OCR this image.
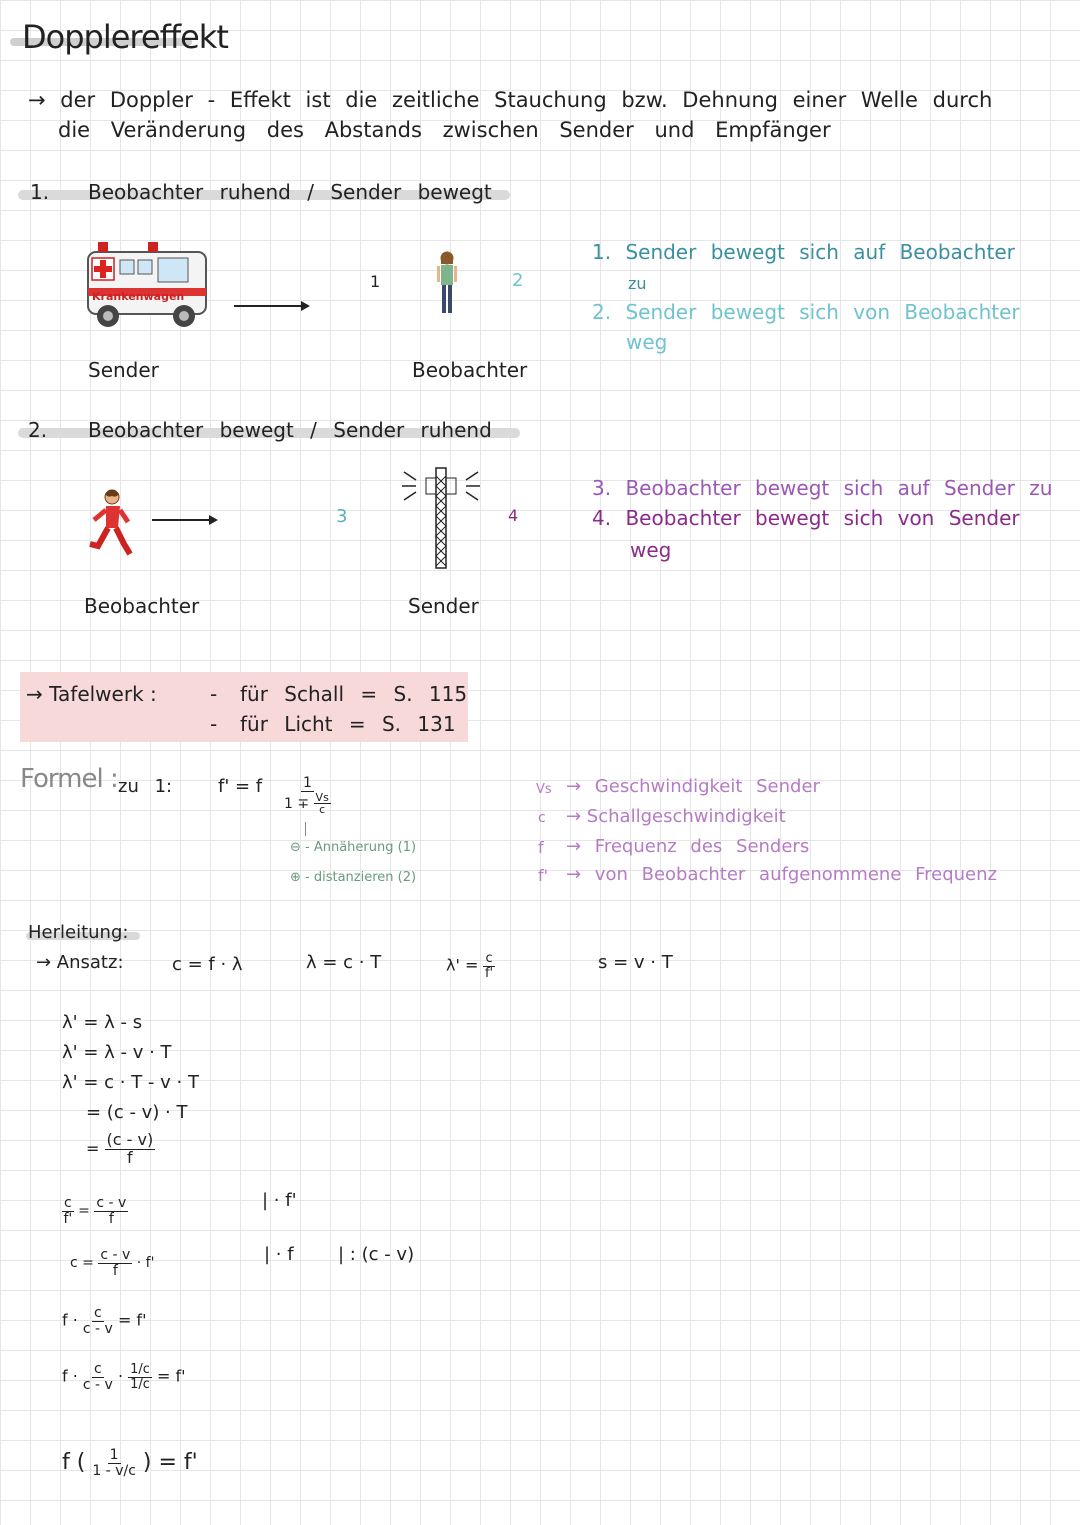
Dopplereffekt
→ der Doppler - Effekt ist die zeitliche Stauchung bzw. Dehnung einer Welle durch
die Veränderung des Abstands zwischen Sender und Empfänger
1. Beobachter ruhend / Sender bewegt
Krankenwagen
1	2
Sender	Beobachter
1. Sender bewegt sich auf Beobachter
zu
2. Sender bewegt sich von Beobachter
weg
2. Beobachter bewegt / Sender ruhend
3	4
Beobachter	Sender
3. Beobachter bewegt sich auf Sender zu
4. Beobachter bewegt sich von Sender
weg
→ Tafelwerk :	- für Schall = S. 115
- für Licht = S. 131
Formel : zu 1:	f' = f $\frac{1}{1 \mp \frac{Vs}{c}}$
⊖ - Annäherung (1)
⊕ - distanzieren (2)
Vs → Geschwindigkeit Sender
c → Schallgeschwindigkeit
f → Frequenz des Senders
f' → von Beobachter aufgenommene Frequenz
Herleitung:
→ Ansatz:	c = f · λ	λ = c · T	$\lambda' = \frac{c}{f'}$	s = v · T
λ' = λ - s
λ' = λ - v · T
λ' = c · T - v · T
= (c - v) · T
= $\frac{(c - v)}{f}$
$\frac{c}{f'} = \frac{c - v}{f}$	| · f'
$c = \frac{c - v}{f} \cdot f'$	| · f | : (c - v)
$f \cdot \frac{c}{c - v} = f'$
$f \cdot \frac{c}{c - v} \cdot \frac{1/c}{1/c} = f'$
f ( $\frac{1}{1 - v/c}$ ) = f'
